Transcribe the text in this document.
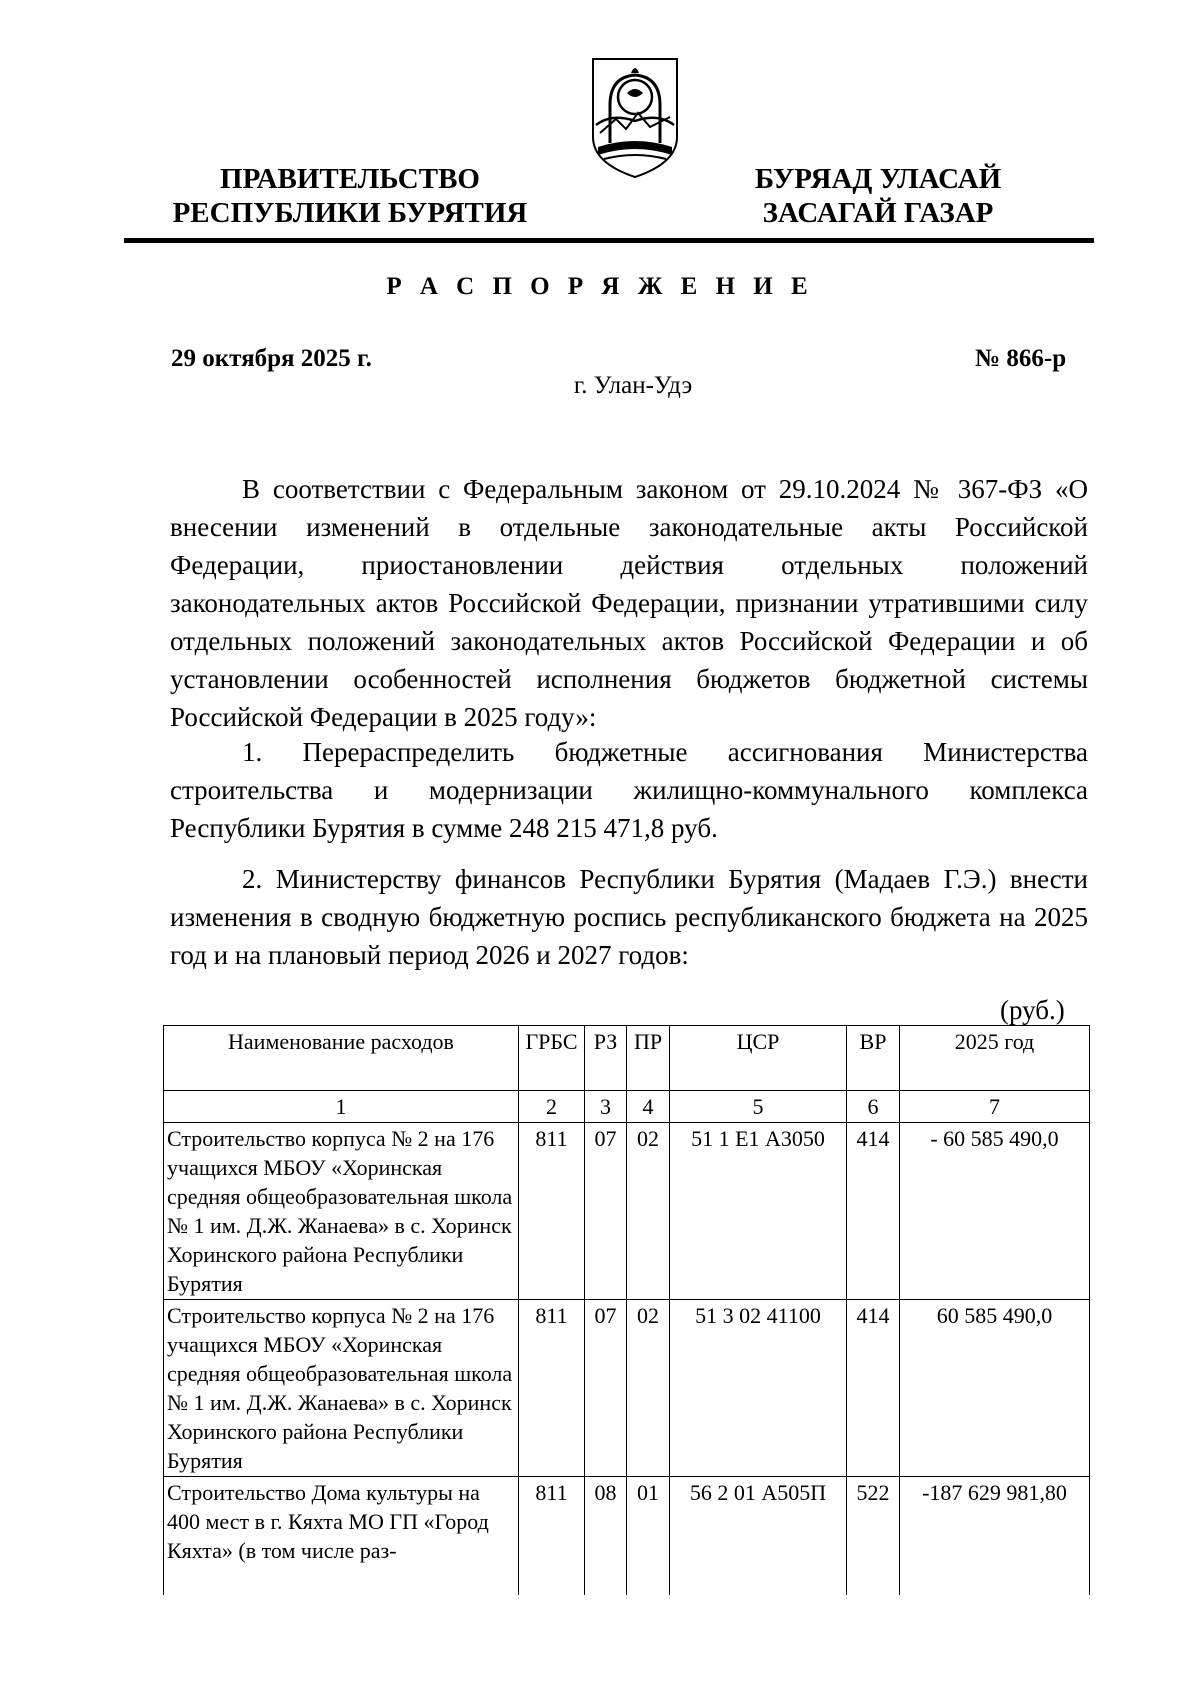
ПРАВИТЕЛЬСТВО
РЕСПУБЛИКИ БУРЯТИЯ
БУРЯАД УЛАСАЙ
ЗАСАГАЙ ГАЗАР
Р А С П О Р Я Ж Е Н И Е
29 октября 2025 г.	№ 866-р
г. Улан-Удэ

В соответствии с Федеральным законом от 29.10.2024 № 367-ФЗ «О внесении изменений в отдельные законодательные акты Российской Федерации, приостановлении действия отдельных положений законодательных актов Российской Федерации, признании утратившими силу отдельных положений законодательных актов Российской Федерации и об установлении особенностей исполнения бюджетов бюджетной системы Российской Федерации в 2025 году»:

1. Перераспределить бюджетные ассигнования Министерства строительства и модернизации жилищно-коммунального комплекса Республики Бурятия в сумме 248 215 471,8 руб.

2. Министерству финансов Республики Бурятия (Мадаев Г.Э.) внести изменения в сводную бюджетную роспись республиканского бюджета на 2025 год и на плановый период 2026 и 2027 годов:

(руб.)
Наименование расходов	ГРБС	РЗ	ПР	ЦСР	ВР	2025 год
1	2	3	4	5	6	7
Строительство корпуса № 2 на 176 учащихся МБОУ «Хоринская средняя общеобразовательная школа № 1 им. Д.Ж. Жанаева» в с. Хоринск Хоринского района Республики Бурятия	811	07	02	51 1 Е1 А3050	414	- 60 585 490,0
Строительство корпуса № 2 на 176 учащихся МБОУ «Хоринская средняя общеобразовательная школа № 1 им. Д.Ж. Жанаева» в с. Хоринск Хоринского района Республики Бурятия	811	07	02	51 3 02 41100	414	60 585 490,0
Строительство Дома культуры на 400 мест в г. Кяхта МО ГП «Город Кяхта» (в том числе раз-	811	08	01	56 2 01 А505П	522	-187 629 981,80
